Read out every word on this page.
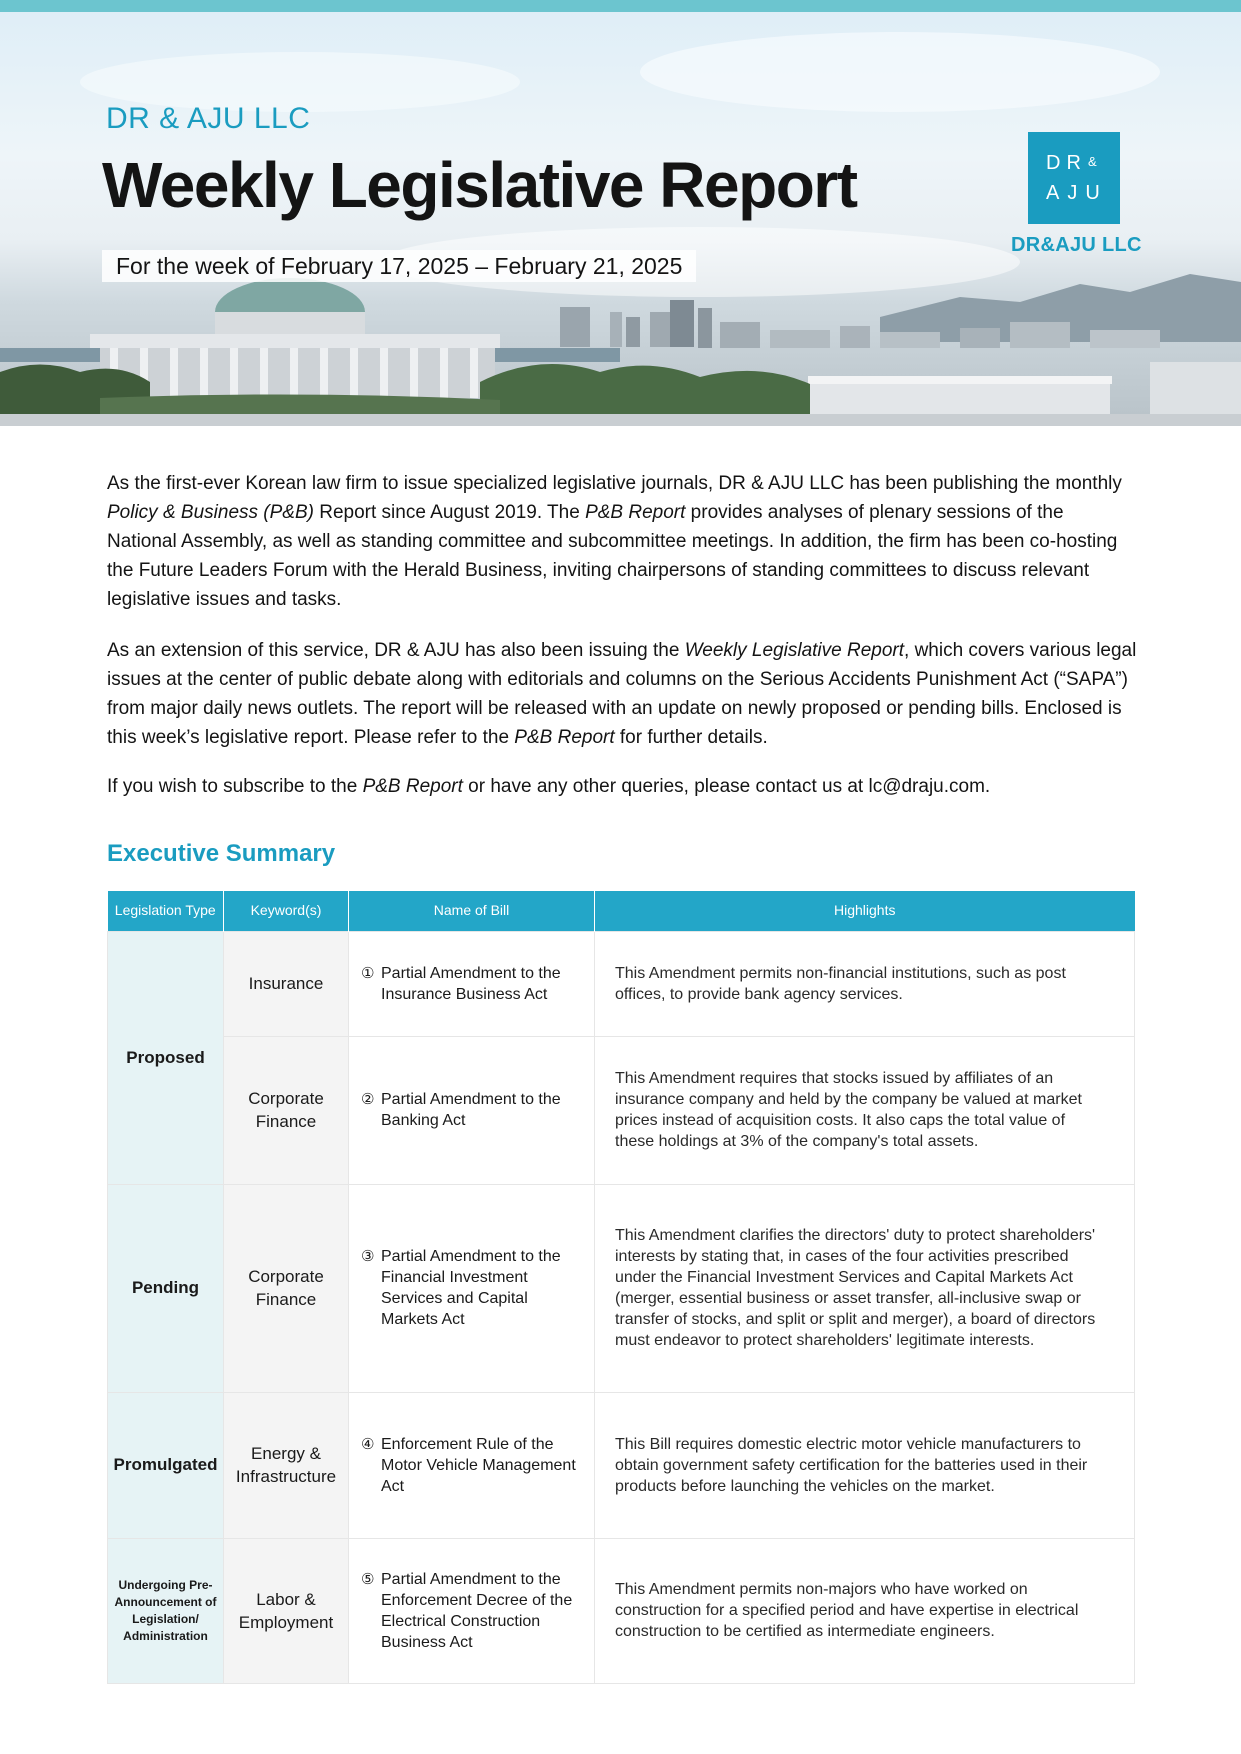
DR & AJU LLC
Weekly Legislative Report
For the week of February 17, 2025 – February 21, 2025
DR &
AJU
DR&AJU LLC

As the first-ever Korean law firm to issue specialized legislative journals, DR & AJU LLC has been publishing the monthly Policy & Business (P&B) Report since August 2019. The P&B Report provides analyses of plenary sessions of the National Assembly, as well as standing committee and subcommittee meetings. In addition, the firm has been co-hosting the Future Leaders Forum with the Herald Business, inviting chairpersons of standing committees to discuss relevant legislative issues and tasks.

As an extension of this service, DR & AJU has also been issuing the Weekly Legislative Report, which covers various legal issues at the center of public debate along with editorials and columns on the Serious Accidents Punishment Act (“SAPA”) from major daily news outlets. The report will be released with an update on newly proposed or pending bills. Enclosed is this week’s legislative report. Please refer to the P&B Report for further details.

If you wish to subscribe to the P&B Report or have any other queries, please contact us at lc@draju.com.

Executive Summary
Legislation Type	Keyword(s)	Name of Bill	Highlights
Proposed	Insurance	① Partial Amendment to the Insurance Business Act	This Amendment permits non-financial institutions, such as post offices, to provide bank agency services.
	Corporate Finance	② Partial Amendment to the Banking Act	This Amendment requires that stocks issued by affiliates of an insurance company and held by the company be valued at market prices instead of acquisition costs. It also caps the total value of these holdings at 3% of the company's total assets.
Pending	Corporate Finance	③ Partial Amendment to the Financial Investment Services and Capital Markets Act	This Amendment clarifies the directors' duty to protect shareholders' interests by stating that, in cases of the four activities prescribed under the Financial Investment Services and Capital Markets Act (merger, essential business or asset transfer, all-inclusive swap or transfer of stocks, and split or split and merger), a board of directors must endeavor to protect shareholders' legitimate interests.
Promulgated	Energy & Infrastructure	④ Enforcement Rule of the Motor Vehicle Management Act	This Bill requires domestic electric motor vehicle manufacturers to obtain government safety certification for the batteries used in their products before launching the vehicles on the market.
Undergoing Pre-Announcement of Legislation/ Administration	Labor & Employment	⑤ Partial Amendment to the Enforcement Decree of the Electrical Construction Business Act	This Amendment permits non-majors who have worked on construction for a specified period and have expertise in electrical construction to be certified as intermediate engineers.
